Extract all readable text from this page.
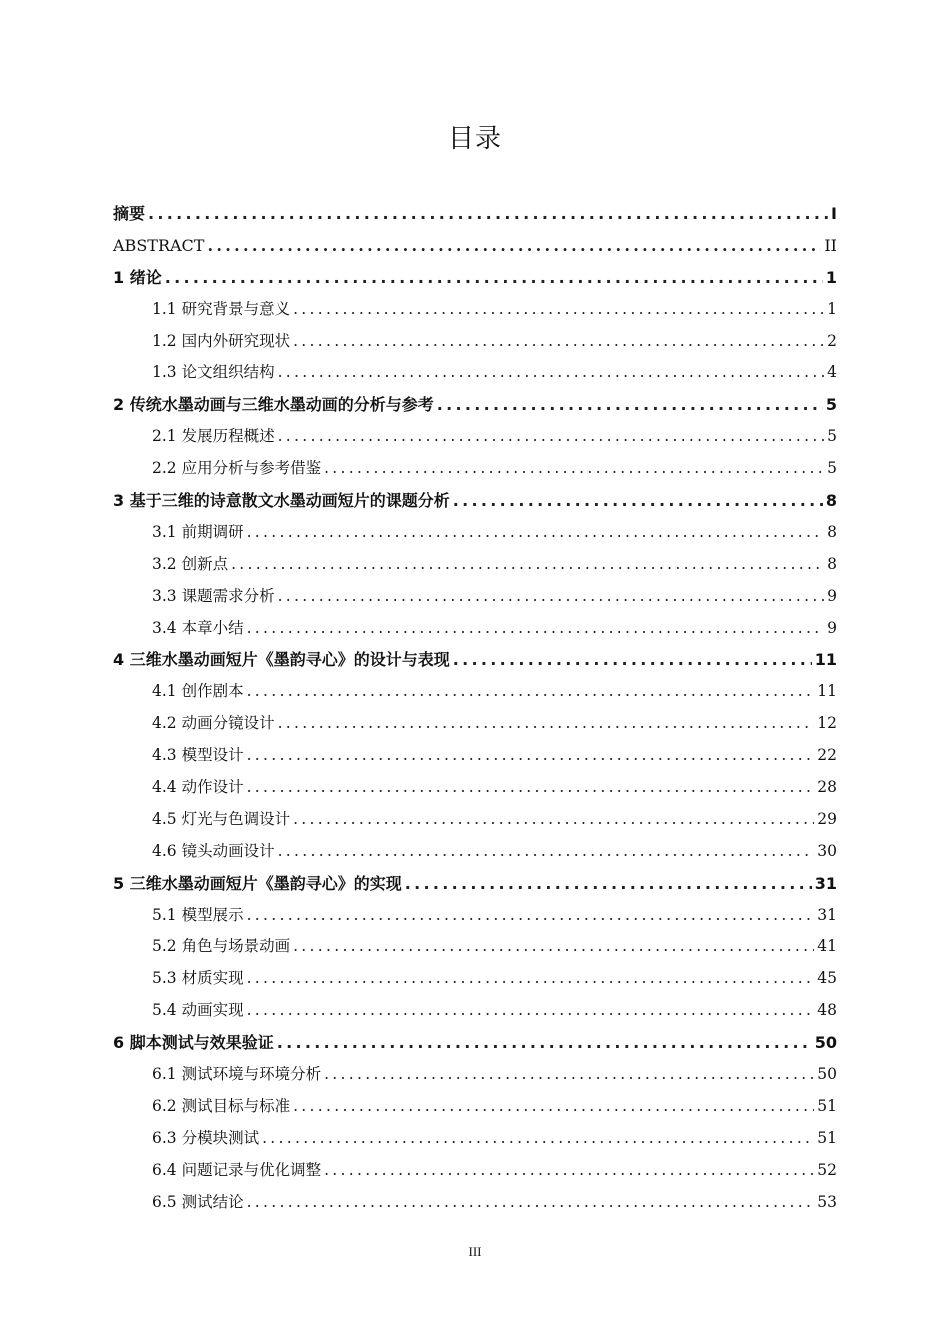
目录
摘要 .....	I
ABSTRACT .....	II
1 绪论 .....	1
1.1 研究背景与意义 .....	1
1.2 国内外研究现状 .....	2
1.3 论文组织结构 .....	4
2 传统水墨动画与三维水墨动画的分析与参考 .....	5
2.1 发展历程概述 .....	5
2.2 应用分析与参考借鉴 .....	5
3 基于三维的诗意散文水墨动画短片的课题分析 .....	8
3.1 前期调研 .....	8
3.2 创新点 .....	8
3.3 课题需求分析 .....	9
3.4 本章小结 .....	9
4 三维水墨动画短片《墨韵寻心》的设计与表现 .....	11
4.1 创作剧本 .....	11
4.2 动画分镜设计 .....	12
4.3 模型设计 .....	22
4.4 动作设计 .....	28
4.5 灯光与色调设计 .....	29
4.6 镜头动画设计 .....	30
5 三维水墨动画短片《墨韵寻心》的实现 .....	31
5.1 模型展示 .....	31
5.2 角色与场景动画 .....	41
5.3 材质实现 .....	45
5.4 动画实现 .....	48
6 脚本测试与效果验证 .....	50
6.1 测试环境与环境分析 .....	50
6.2 测试目标与标准 .....	51
6.3 分模块测试 .....	51
6.4 问题记录与优化调整 .....	52
6.5 测试结论 .....	53
III
